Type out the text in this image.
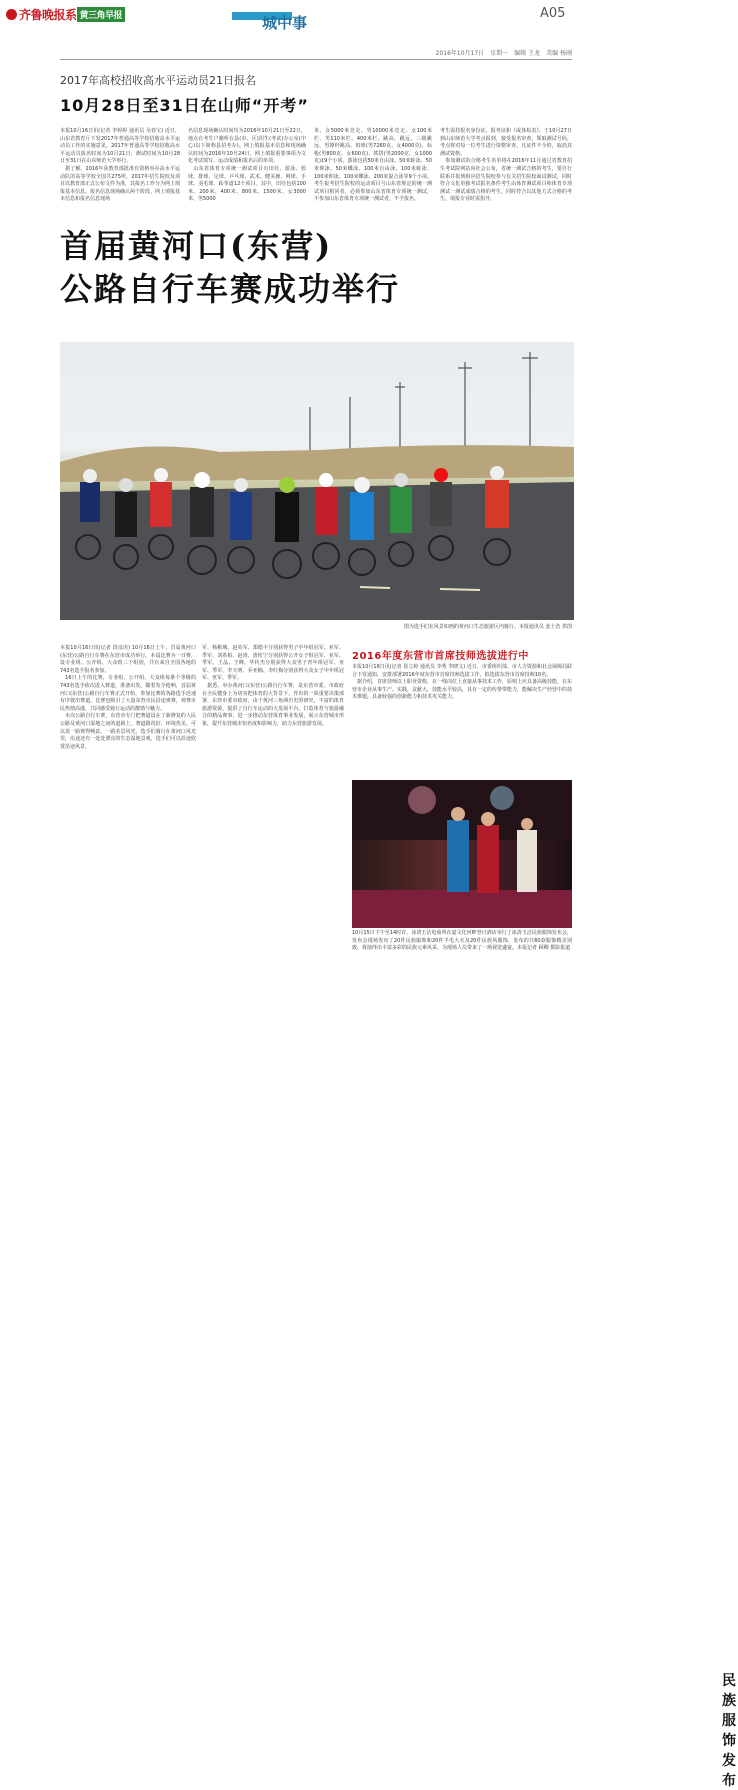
齐鲁晚报系 黄三角早报	城中事
A05
2016年10月17日　星期一　编辑 王龙　美编 杨刚
2017年高校招收高水平运动员21日报名
10月28日至31日在山师“开考”
本报10月16日讯(记者 李婷婷 通讯员 吴春宝) 近日，山东省教育厅下发2017年普通高等学校招收高水平运动员工作的实施意见，2017年普通高等学校招收高水平运动员报名时间为10月21日，测试时间为10月28日至31日在山东师范大学举行。
　据了解，2016年获教育部批准有资格举办高水平运动队的高等学校全国共275所，2017年招生院校及项目以教育部正式公布文件为准，其报名工作分为网上填报基本信息、报名信息现场确认两个阶段。网上填报基本信息和报名信息现场
名信息现场确认时间均为2016年10月21日至22日，地点在考生户籍所在县(市、区)招生(考试)办公室(中心)以下简称县招考办)。网上填报基本信息和现场确认时间为2016年10月24日，网上填报重要事项为文化考试填写、运动成绩和报名后的单项。
　山东省体育专项统一测试项目有田径、游泳、篮球、排球、足球、乒乓球、武术、健美操、网球、手球、羽毛球、跆拳道12个项目。其中，田径包括100米、200米、400米、800米、1500米、女3000米、男5000
米、女5000米竞走、男10000米竞走、女100米栏、男110米栏、400米栏、跳高、跳远、三级跳远、男撑杆跳高、铅球(男7260克、女4000克)、标枪(男800克、女600克)、铁饼(男2000克、女1000克)19个小项。游泳包括50米自由泳、50米蛙泳、50米仰泳、50米蝶泳、100米自由泳、100米蛙泳、100米仰泳、100米蝶泳、200米混合泳等9个小项。考生报考招生院校的运动项目与山东省规定的统一测试项目相同者，必须参加山东省体育专项统一测试，不参加山东省体育专项统一测试者，不予报名。
考生需持报名身份证、报考证和《或体检表》，于10月27日到山东师范大学考点报到，接受报名审查、领取测试号码，考点将对每一位考生进行资格审查，凡证件不全的，取消其测试资格。
　参加测试的合格考生名单将在2016年11月通过省教育招生考试院网站向社会公布，省统一测试合格的考生，要自行联系并报到相应招生院校参与有关招生院校面试测试，同时符合文化单独考试报名条件考生由体育测试项目和体育专项测试一测试成绩合格的考生，同时符合以其他方式合格的考生，填报专业时需指导。
首届黄河口(东营)
公路自行车赛成功举行
图为选手们在风景如画的黄河口生态旅游区内骑行。本报通讯员 姜士浩 供图
本报10月16日讯(记者 段彦虎) 10月16日上午，首届黄河口(东营)公路自行车赛在东营市成功举行。本届比赛为一日赛，设专业组、公开组、大众组三个组别，共有来自全国各地的743名选手报名参加。
　16日上午的比赛，专业组、公开组、大众组每条个等级的743名选手依次进入赛道，准备出发。随着发令枪响，首届黄河口(东营)公路自行车赛正式开始，参加比赛的各路选手迅速有序驶出赛道，比赛也吸引了大量东营市民沿途观赛，观赛市民热情高涨，共同感受骑行运动的激情与魅力。
　本次公路自行车赛，东营市专门把赛道设在了新修复的人民公路及黄河口湿地之间的道路上，赛道路况好、环境优美，可以说一路赛得畅意，一路美景风光，选手们骑行在黄河口风光里，沿途还有一处处漂亮的生态湿地景观，选手们可以沿途欣赏沿途风景。
军，杨彬城、赵英军、郑德丰分别获得男子中年组冠军、亚军、季军，刘希柏、赵涛、唐钦宁分别获得公开女子组冠军、亚军、季军。王晶、王峰、华传杰分别获得大众男子青年组冠军、亚军、季军，李天明、乔亚楠、李红梅分别获得大众女子中年组冠军、亚军、季军。
　据悉，举办黄河口(东营)公路自行车赛，是东营市委、市政府在全民健身上为切实把体育的大背景下，作出的一项重要决策部署，东营市委市政府，由于黄河三角洲历史的研究，丰富的体育旅游资源，提供了自行车运动的大发展平台。打造体育与旅游融合的精品赛事，进一步推动东营体育事业发展，展示东营城市形象，提升东营城市知名度和影响力，助力东营旅游发展。
2016年度东营市首席技师选拔进行中
本报10月16日讯(记者 崔立婷 通讯员 李秀 李晓文) 近日，市委组织部、市人力资源和社会保障局联合下发通知，安排部署2016年度东营市首席技师选拔工作，拟选拔东营市首席技师10名。
　据介绍，首席技师以上职业资格，在一线岗位上直接从事技术工作，原则上应具备高级技能，在东营市企业从事生产、实践，贡献大，技能水平较高，具有一定的传帮带能力，能解决生产经营中的技术难题，具备较强的创新能力和技术攻关能力。
民族服饰发布
10月15日下午至14时许，冰清玉洁电商所在嘉文化河畔登日酒店举行了冰清玉洁民族服饰发布会，发布会现场发布了20件民族服饰和20件羊毛大衣及20件民族风服饰，发布的共60款服饰精美别致，将演绎出丰富多彩的民族元素风采，为现场人员带来了一场视觉盛宴。本报记者 顾卿 摄影报道
